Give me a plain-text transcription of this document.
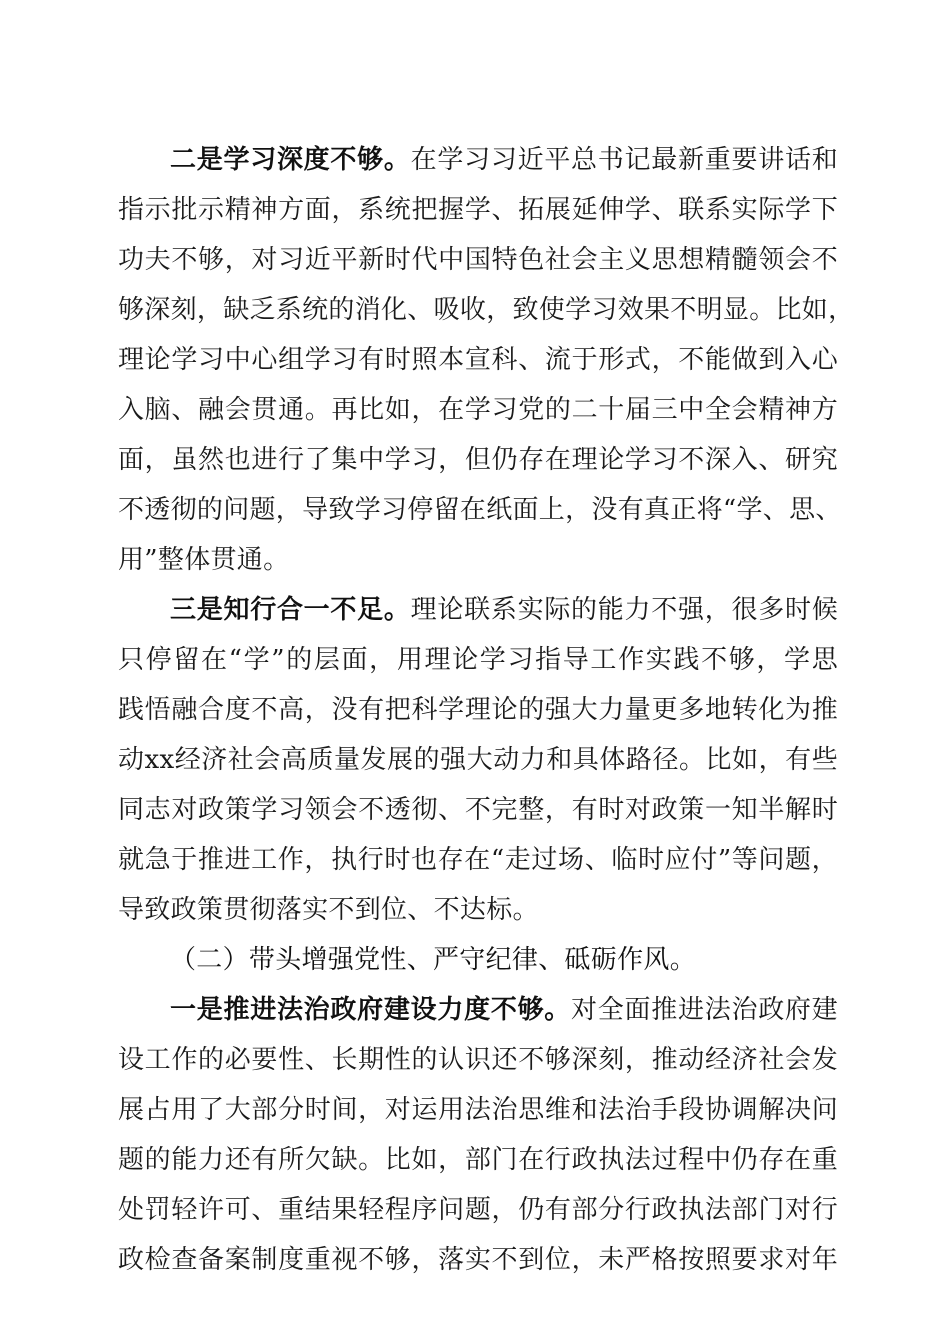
二是学习深度不够。在学习习近平总书记最新重要讲话和
指示批示精神方面，系统把握学、拓展延伸学、联系实际学下
功夫不够，对习近平新时代中国特色社会主义思想精髓领会不
够深刻，缺乏系统的消化、吸收，致使学习效果不明显。比如，
理论学习中心组学习有时照本宣科、流于形式，不能做到入心
入脑、融会贯通。再比如，在学习党的二十届三中全会精神方
面，虽然也进行了集中学习，但仍存在理论学习不深入、研究
不透彻的问题，导致学习停留在纸面上，没有真正将“学、思、
用”整体贯通。
三是知行合一不足。理论联系实际的能力不强，很多时候
只停留在“学”的层面，用理论学习指导工作实践不够，学思
践悟融合度不高，没有把科学理论的强大力量更多地转化为推
动xx经济社会高质量发展的强大动力和具体路径。比如，有些
同志对政策学习领会不透彻、不完整，有时对政策一知半解时
就急于推进工作，执行时也存在“走过场、临时应付”等问题，
导致政策贯彻落实不到位、不达标。
（二）带头增强党性、严守纪律、砥砺作风。
一是推进法治政府建设力度不够。对全面推进法治政府建
设工作的必要性、长期性的认识还不够深刻，推动经济社会发
展占用了大部分时间，对运用法治思维和法治手段协调解决问
题的能力还有所欠缺。比如，部门在行政执法过程中仍存在重
处罚轻许可、重结果轻程序问题，仍有部分行政执法部门对行
政检查备案制度重视不够，落实不到位，未严格按照要求对年
